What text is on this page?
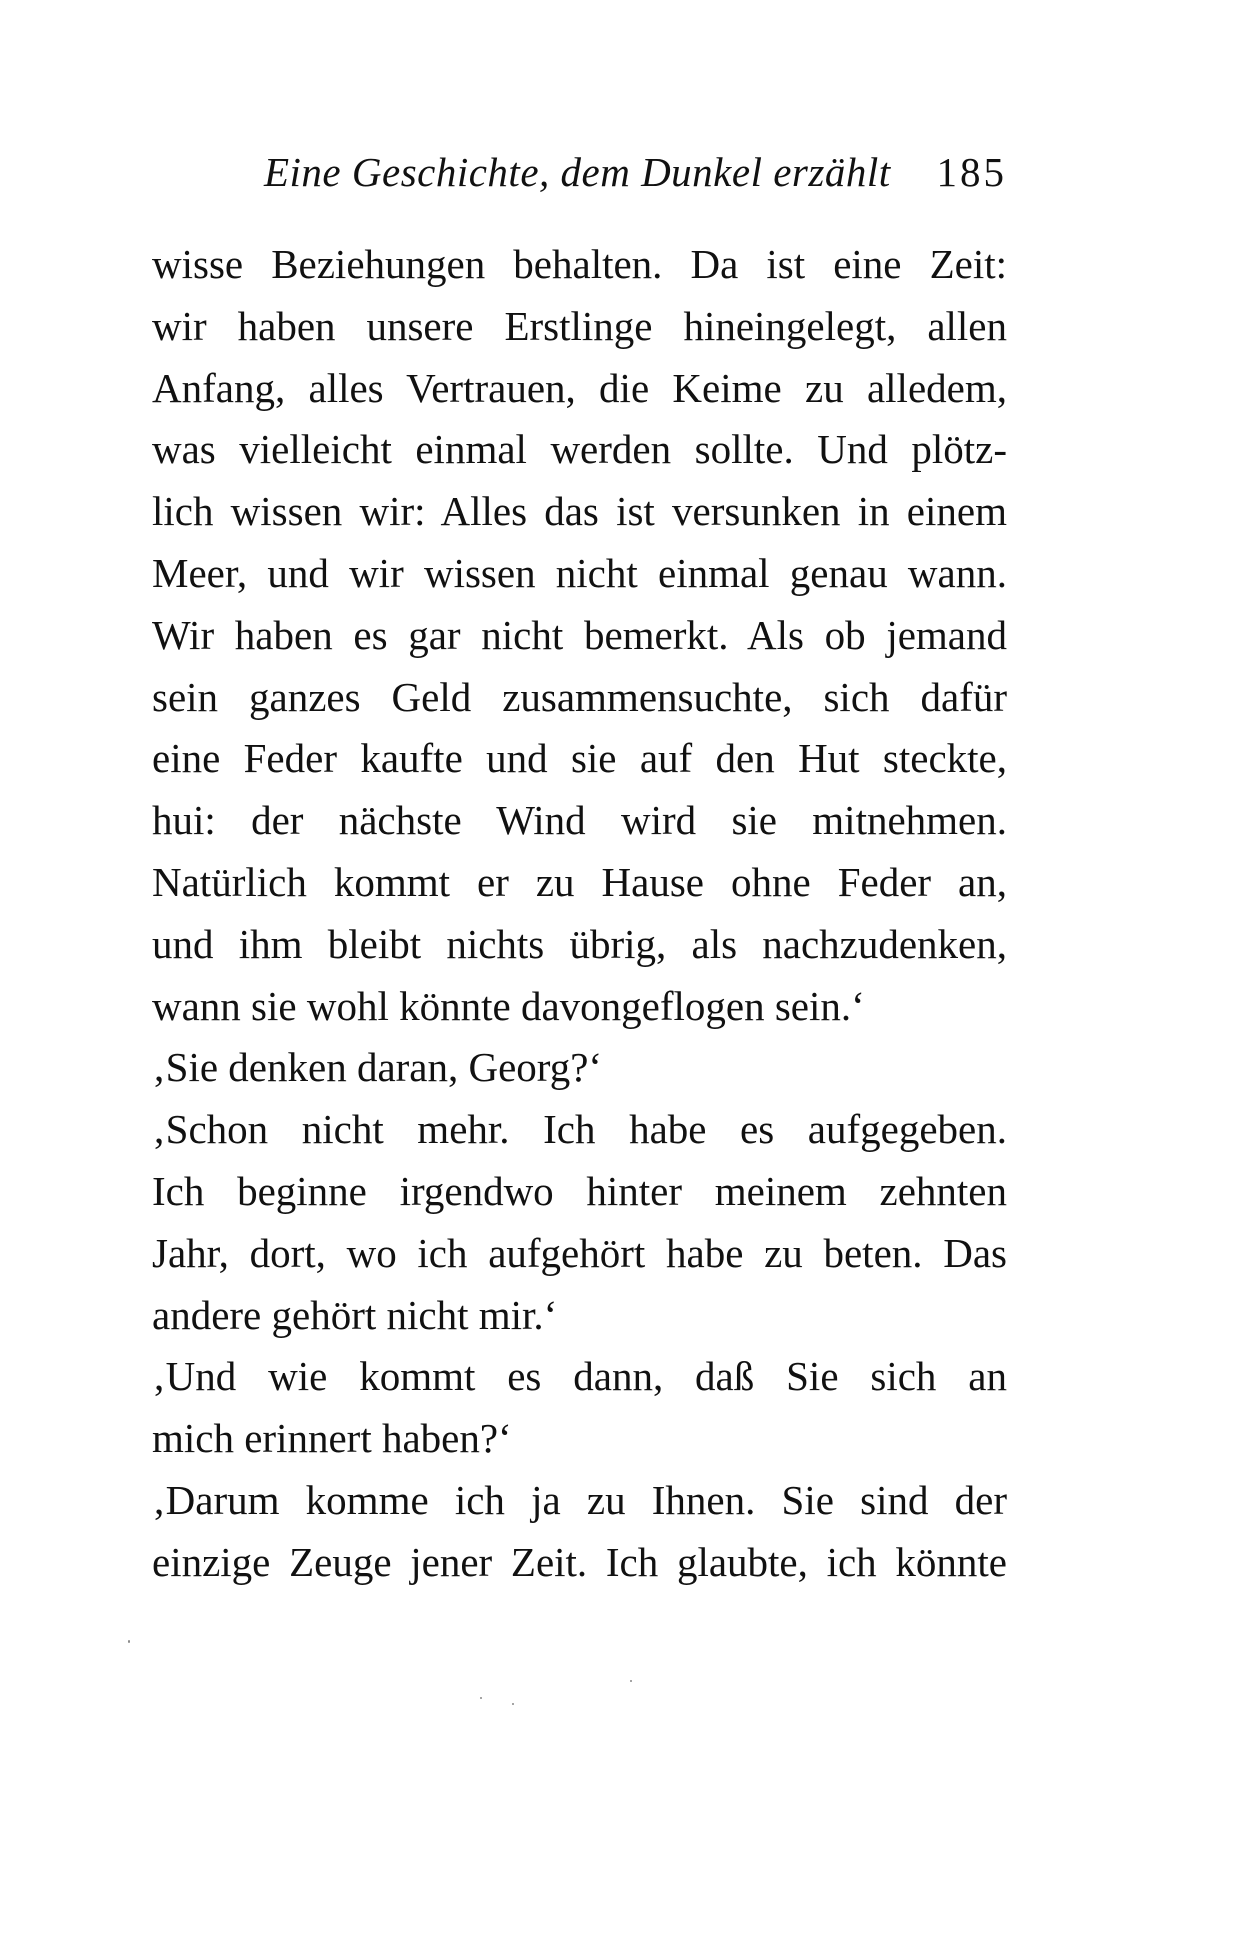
Eine Geschichte, dem Dunkel erzählt 185
wisse Beziehungen behalten. Da ist eine Zeit:
wir haben unsere Erstlinge hineingelegt, allen
Anfang, alles Vertrauen, die Keime zu alledem,
was vielleicht einmal werden sollte. Und plötz-
lich wissen wir: Alles das ist versunken in einem
Meer, und wir wissen nicht einmal genau wann.
Wir haben es gar nicht bemerkt. Als ob jemand
sein ganzes Geld zusammensuchte, sich dafür
eine Feder kaufte und sie auf den Hut steckte,
hui: der nächste Wind wird sie mitnehmen.
Natürlich kommt er zu Hause ohne Feder an,
und ihm bleibt nichts übrig, als nachzudenken,
wann sie wohl könnte davongeflogen sein.‘
‚Sie denken daran, Georg?‘
‚Schon nicht mehr. Ich habe es aufgegeben.
Ich beginne irgendwo hinter meinem zehnten
Jahr, dort, wo ich aufgehört habe zu beten. Das
andere gehört nicht mir.‘
‚Und wie kommt es dann, daß Sie sich an
mich erinnert haben?‘
‚Darum komme ich ja zu Ihnen. Sie sind der
einzige Zeuge jener Zeit. Ich glaubte, ich könnte
